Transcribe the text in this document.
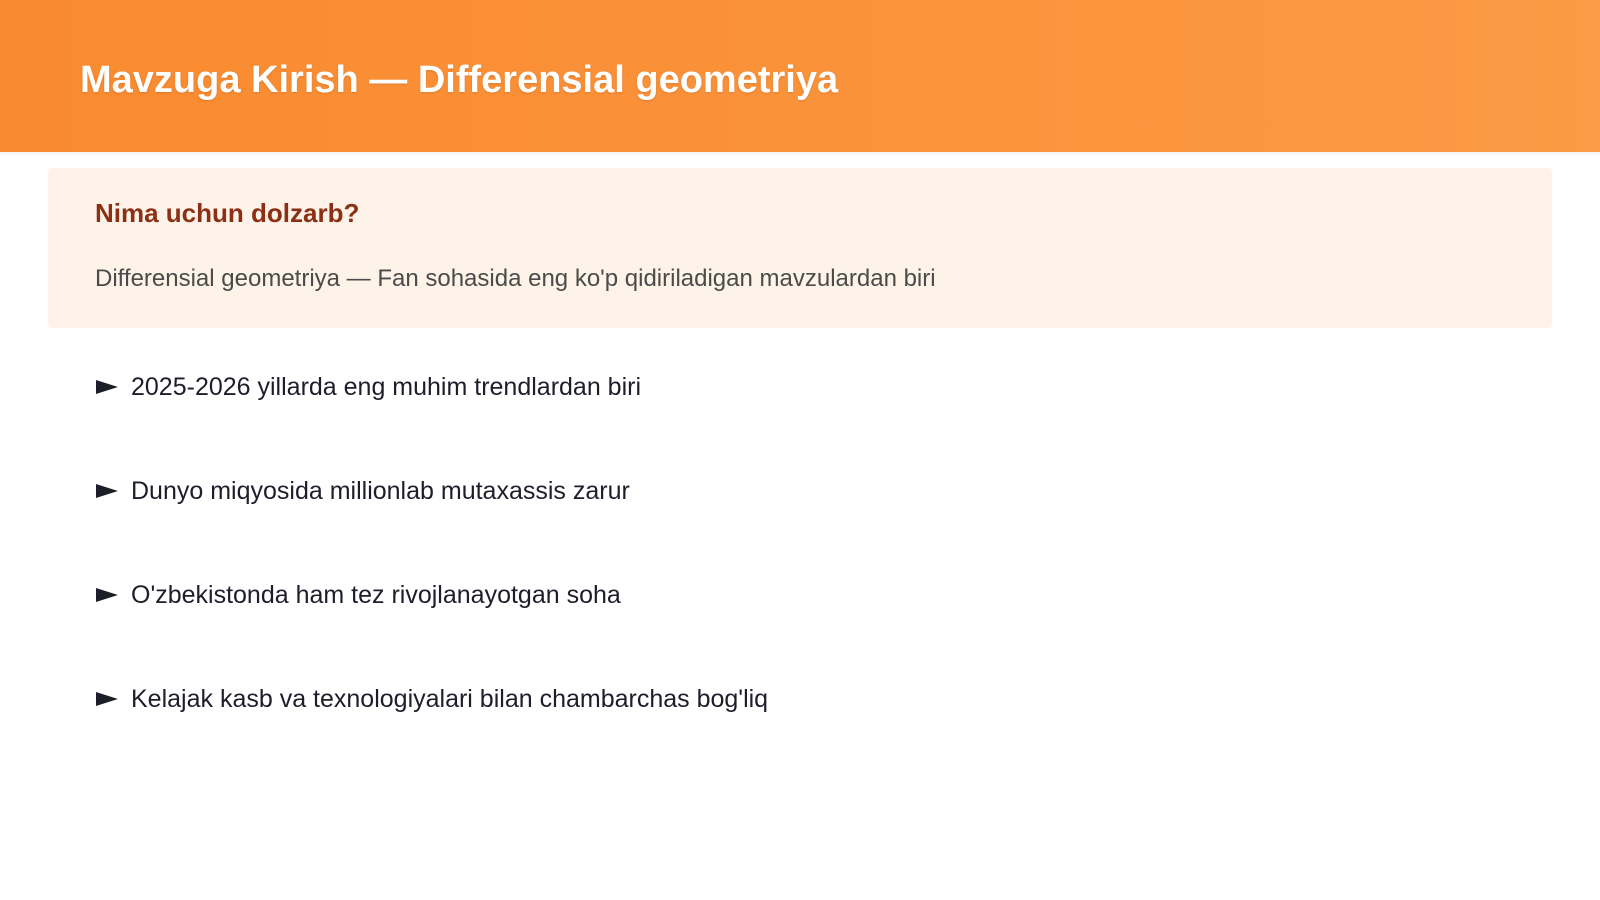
Mavzuga Kirish — Differensial geometriya
Nima uchun dolzarb?

Differensial geometriya — Fan sohasida eng ko'p qidiriladigan mavzulardan biri

2025-2026 yillarda eng muhim trendlardan biri
Dunyo miqyosida millionlab mutaxassis zarur
O'zbekistonda ham tez rivojlanayotgan soha
Kelajak kasb va texnologiyalari bilan chambarchas bog'liq
